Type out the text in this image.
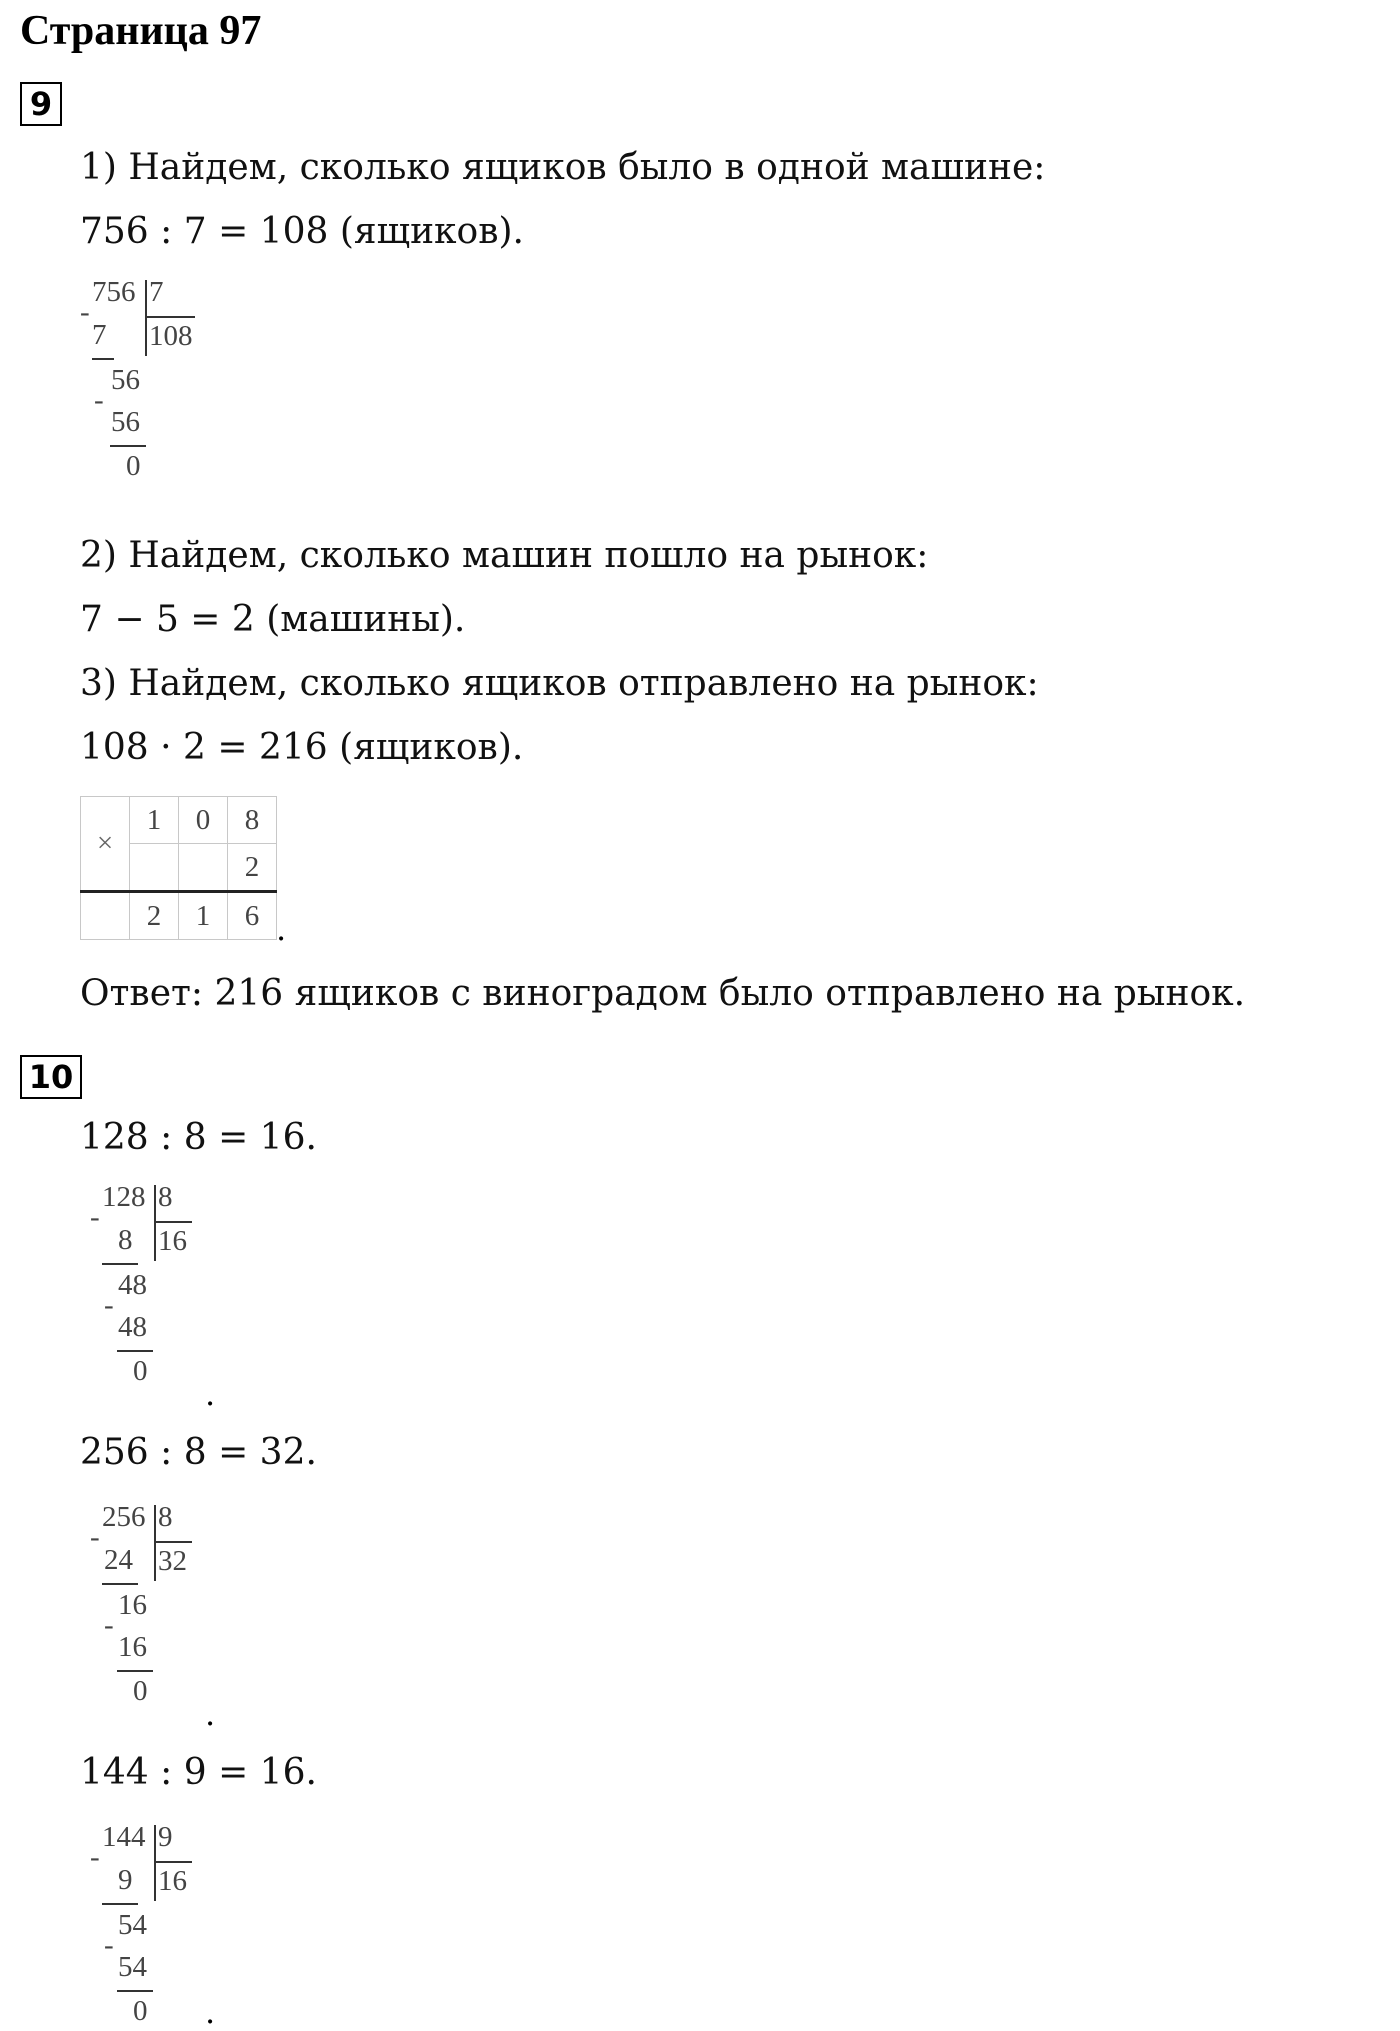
Страница 97
9
1) Найдем, сколько ящиков было в одной машине:
756 : 7 = 108 (ящиков).
-
756 7
108
7
56
-
56
0
2) Найдем, сколько машин пошло на рынок:
7 − 5 = 2 (машины).
3) Найдем, сколько ящиков отправлено на рынок:
108 · 2 = 216 (ящиков).
×	1	0	8
			2
	2	1	6 .
Ответ: 216 ящиков с виноградом было отправлено на рынок.
10
128 : 8 = 16.
-
128 8
16
8
48
-
48
0
.
256 : 8 = 32.
-
256 8
32
24
16
-
16
0
.
144 : 9 = 16.
-
144 9
16
9
54
-
54
0 .
